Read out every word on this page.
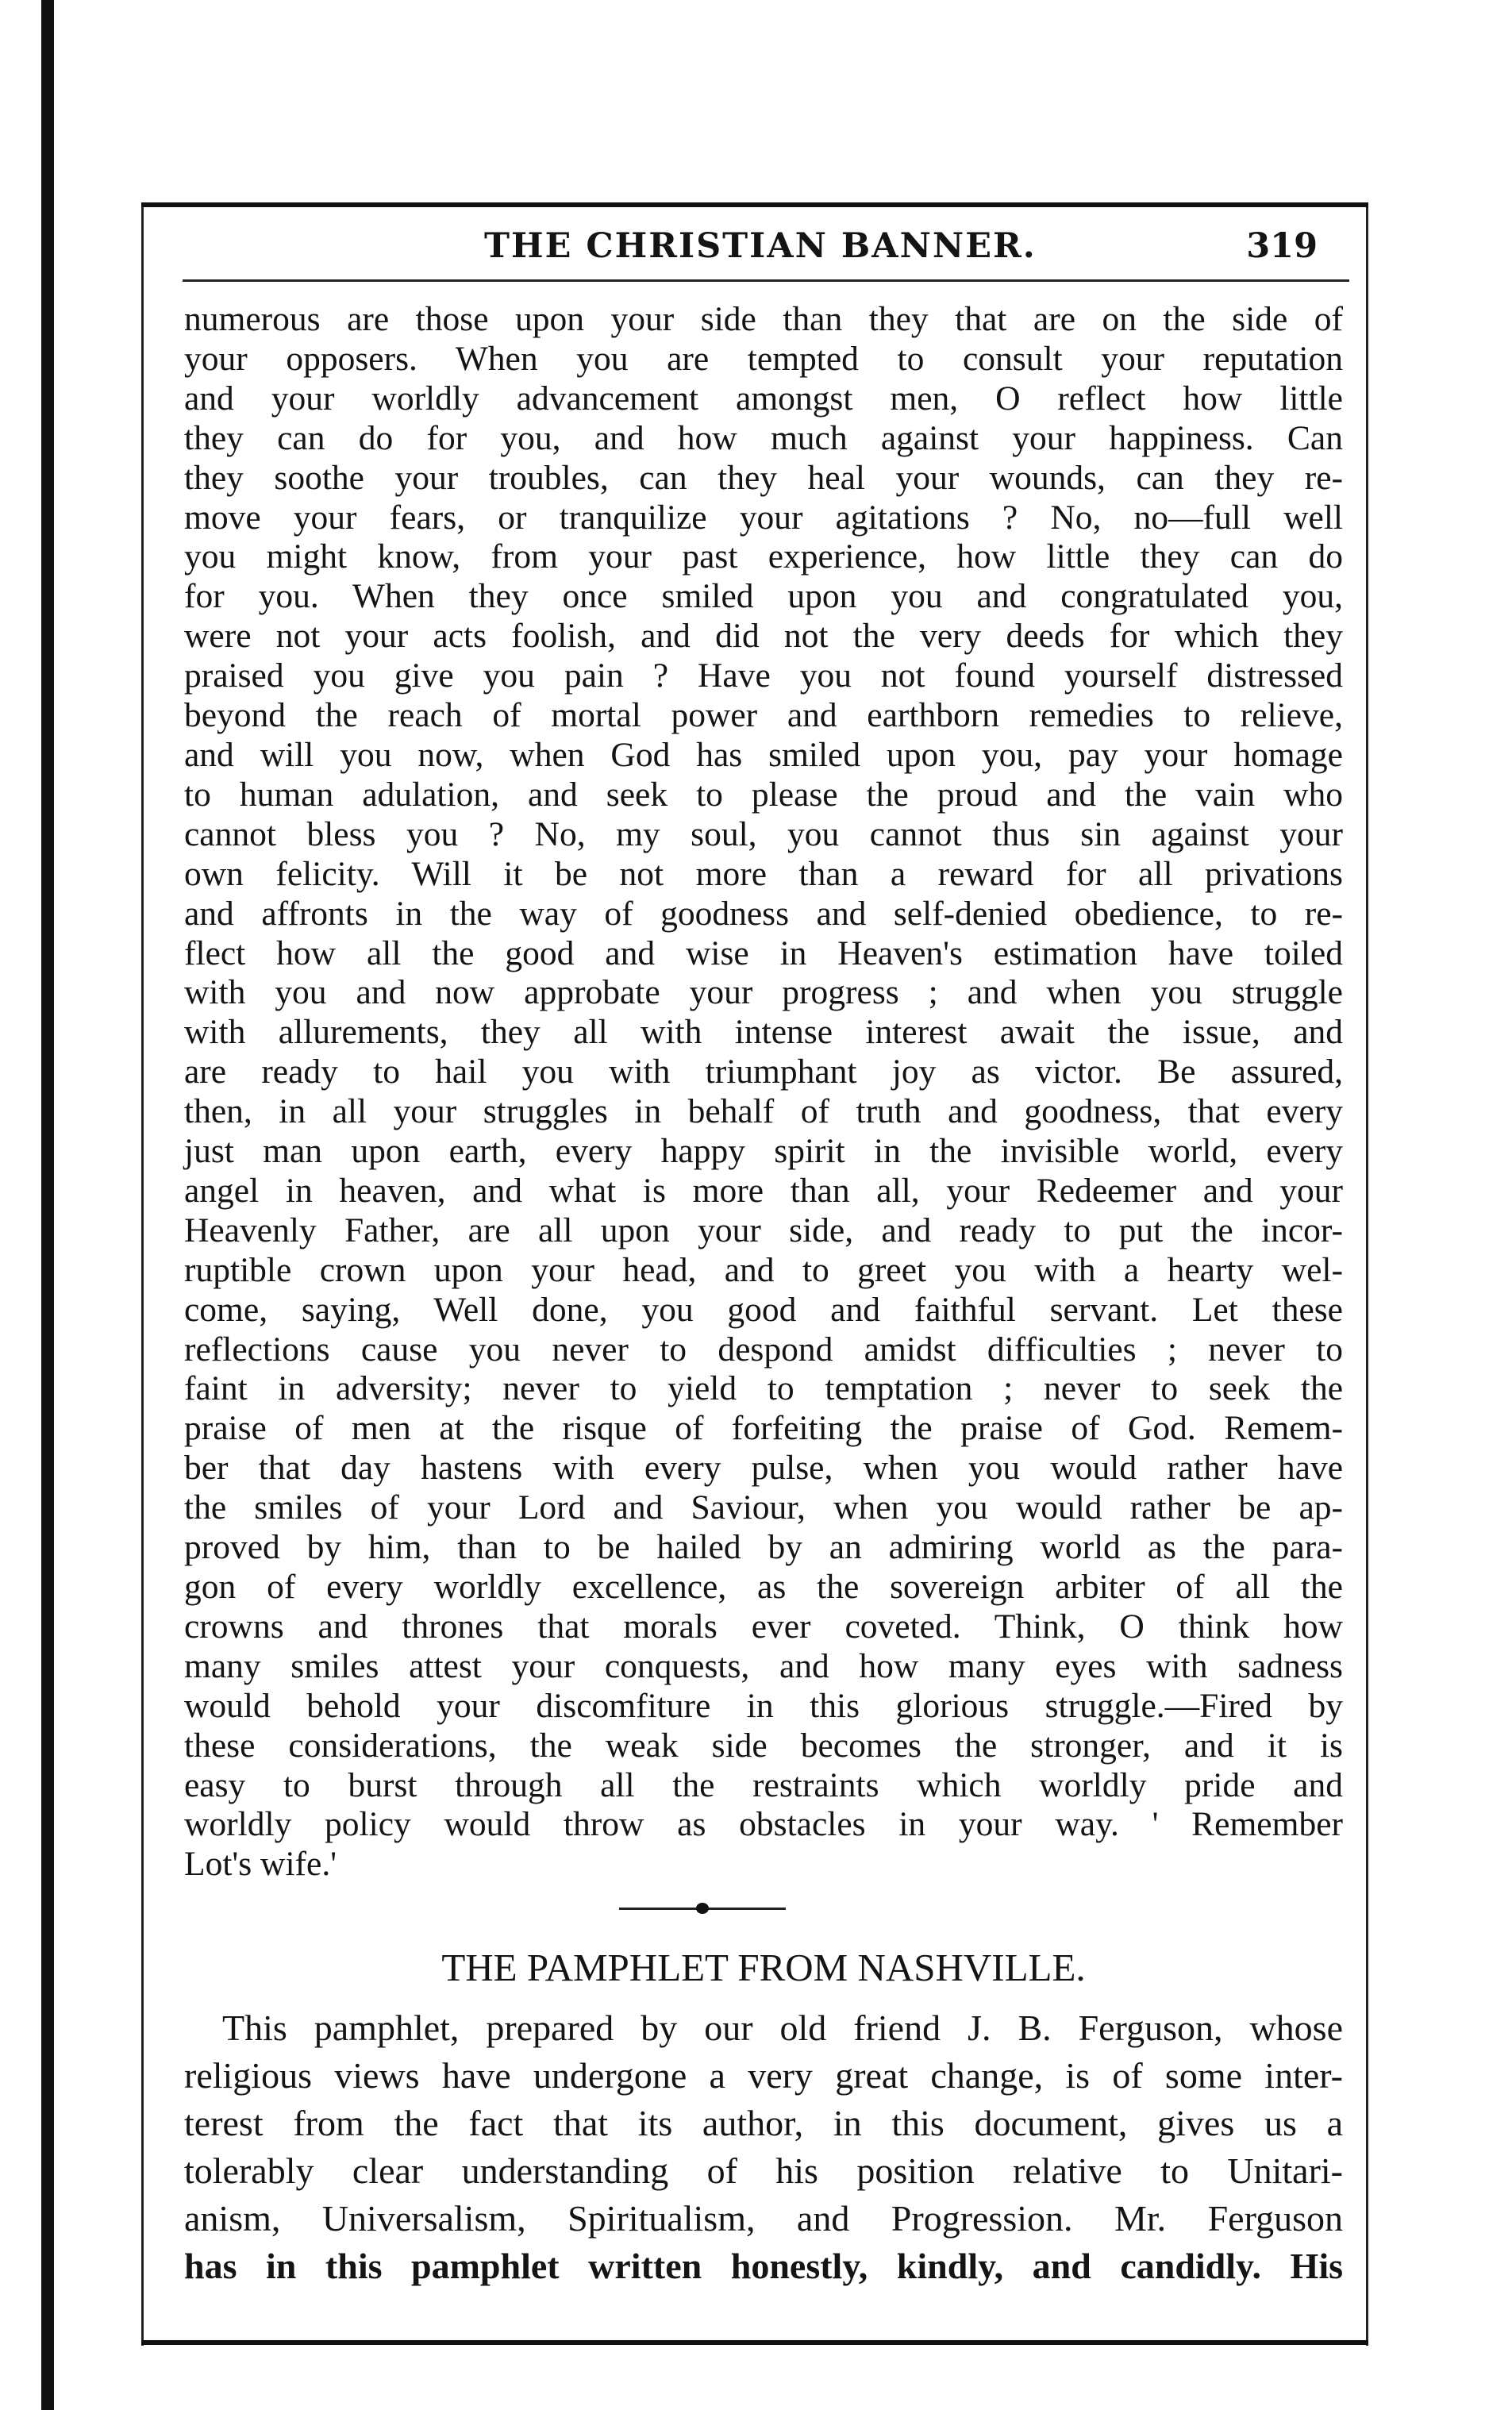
THE CHRISTIAN BANNER.	319
numerous are those upon your side than they that are on the side of
your opposers. When you are tempted to consult your reputation
and your worldly advancement amongst men, O reflect how little
they can do for you, and how much against your happiness. Can
they soothe your troubles, can they heal your wounds, can they re-
move your fears, or tranquilize your agitations ? No, no—full well
you might know, from your past experience, how little they can do
for you. When they once smiled upon you and congratulated you,
were not your acts foolish, and did not the very deeds for which they
praised you give you pain ? Have you not found yourself distressed
beyond the reach of mortal power and earthborn remedies to relieve,
and will you now, when God has smiled upon you, pay your homage
to human adulation, and seek to please the proud and the vain who
cannot bless you ? No, my soul, you cannot thus sin against your
own felicity. Will it be not more than a reward for all privations
and affronts in the way of goodness and self-denied obedience, to re-
flect how all the good and wise in Heaven's estimation have toiled
with you and now approbate your progress ; and when you struggle
with allurements, they all with intense interest await the issue, and
are ready to hail you with triumphant joy as victor. Be assured,
then, in all your struggles in behalf of truth and goodness, that every
just man upon earth, every happy spirit in the invisible world, every
angel in heaven, and what is more than all, your Redeemer and your
Heavenly Father, are all upon your side, and ready to put the incor-
ruptible crown upon your head, and to greet you with a hearty wel-
come, saying, Well done, you good and faithful servant. Let these
reflections cause you never to despond amidst difficulties ; never to
faint in adversity; never to yield to temptation ; never to seek the
praise of men at the risque of forfeiting the praise of God. Remem-
ber that day hastens with every pulse, when you would rather have
the smiles of your Lord and Saviour, when you would rather be ap-
proved by him, than to be hailed by an admiring world as the para-
gon of every worldly excellence, as the sovereign arbiter of all the
crowns and thrones that morals ever coveted. Think, O think how
many smiles attest your conquests, and how many eyes with sadness
would behold your discomfiture in this glorious struggle.—Fired by
these considerations, the weak side becomes the stronger, and it is
easy to burst through all the restraints which worldly pride and
worldly policy would throw as obstacles in your way. ' Remember
Lot's wife.'
THE PAMPHLET FROM NASHVILLE.
This pamphlet, prepared by our old friend J. B. Ferguson, whose
religious views have undergone a very great change, is of some inter-
terest from the fact that its author, in this document, gives us a
tolerably clear understanding of his position relative to Unitari-
anism, Universalism, Spiritualism, and Progression. Mr. Ferguson
has in this pamphlet written honestly, kindly, and candidly. His
